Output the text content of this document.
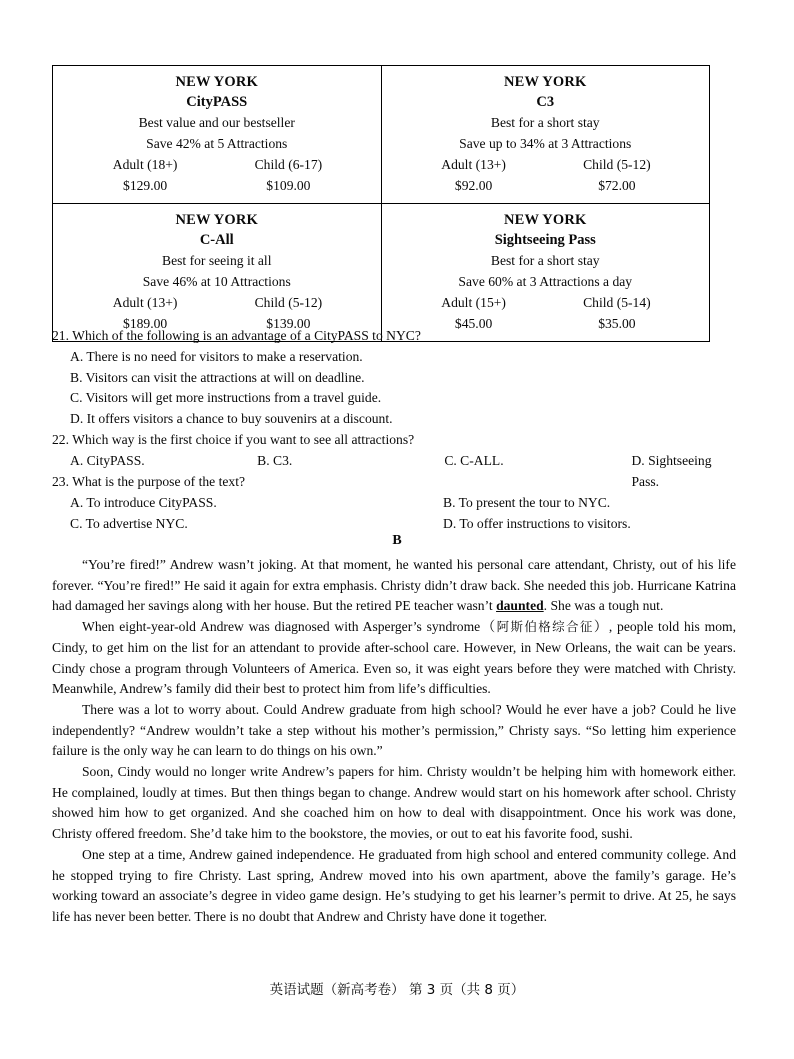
NEW YORK
CityPASS
Best value and our bestseller
Save 42% at 5 Attractions
Adult (18+)	Child (6-17)
$129.00	$109.00

NEW YORK
C3
Best for a short stay
Save up to 34% at 3 Attractions
Adult (13+)	Child (5-12)
$92.00	$72.00

NEW YORK
C-All
Best for seeing it all
Save 46% at 10 Attractions
Adult (13+)	Child (5-12)
$189.00	$139.00

NEW YORK
Sightseeing Pass
Best for a short stay
Save 60% at 3 Attractions a day
Adult (15+)	Child (5-14)
$45.00	$35.00

21. Which of the following is an advantage of a CityPASS to NYC?

A. There is no need for visitors to make a reservation.

B. Visitors can visit the attractions at will on deadline.

C. Visitors will get more instructions from a travel guide.

D. It offers visitors a chance to buy souvenirs at a discount.

22. Which way is the first choice if you want to see all attractions?

A. CityPASS.	B. C3.	C. C-ALL.	D. Sightseeing Pass.

23. What is the purpose of the text?

A. To introduce CityPASS.	B. To present the tour to NYC.
C. To advertise NYC.	D. To offer instructions to visitors.
B

“You’re fired!” Andrew wasn’t joking. At that moment, he wanted his personal care attendant, Christy, out of his life forever. “You’re fired!” He said it again for extra emphasis. Christy didn’t draw back. She needed this job. Hurricane Katrina had damaged her savings along with her house. But the retired PE teacher wasn’t daunted. She was a tough nut.

When eight-year-old Andrew was diagnosed with Asperger’s syndrome（阿斯伯格综合征）, people told his mom, Cindy, to get him on the list for an attendant to provide after-school care. However, in New Orleans, the wait can be years. Cindy chose a program through Volunteers of America. Even so, it was eight years before they were matched with Christy. Meanwhile, Andrew’s family did their best to protect him from life’s difficulties.

There was a lot to worry about. Could Andrew graduate from high school? Would he ever have a job? Could he live independently? “Andrew wouldn’t take a step without his mother’s permission,” Christy says. “So letting him experience failure is the only way he can learn to do things on his own.”

Soon, Cindy would no longer write Andrew’s papers for him. Christy wouldn’t be helping him with homework either. He complained, loudly at times. But then things began to change. Andrew would start on his homework after school. Christy showed him how to get organized. And she coached him on how to deal with disappointment. Once his work was done, Christy offered freedom. She’d take him to the bookstore, the movies, or out to eat his favorite food, sushi.

One step at a time, Andrew gained independence. He graduated from high school and entered community college. And he stopped trying to fire Christy. Last spring, Andrew moved into his own apartment, above the family’s garage. He’s working toward an associate’s degree in video game design. He’s studying to get his learner’s permit to drive. At 25, he says life has never been better. There is no doubt that Andrew and Christy have done it together.

英语试题（新高考卷） 第 3 页（共 8 页）
